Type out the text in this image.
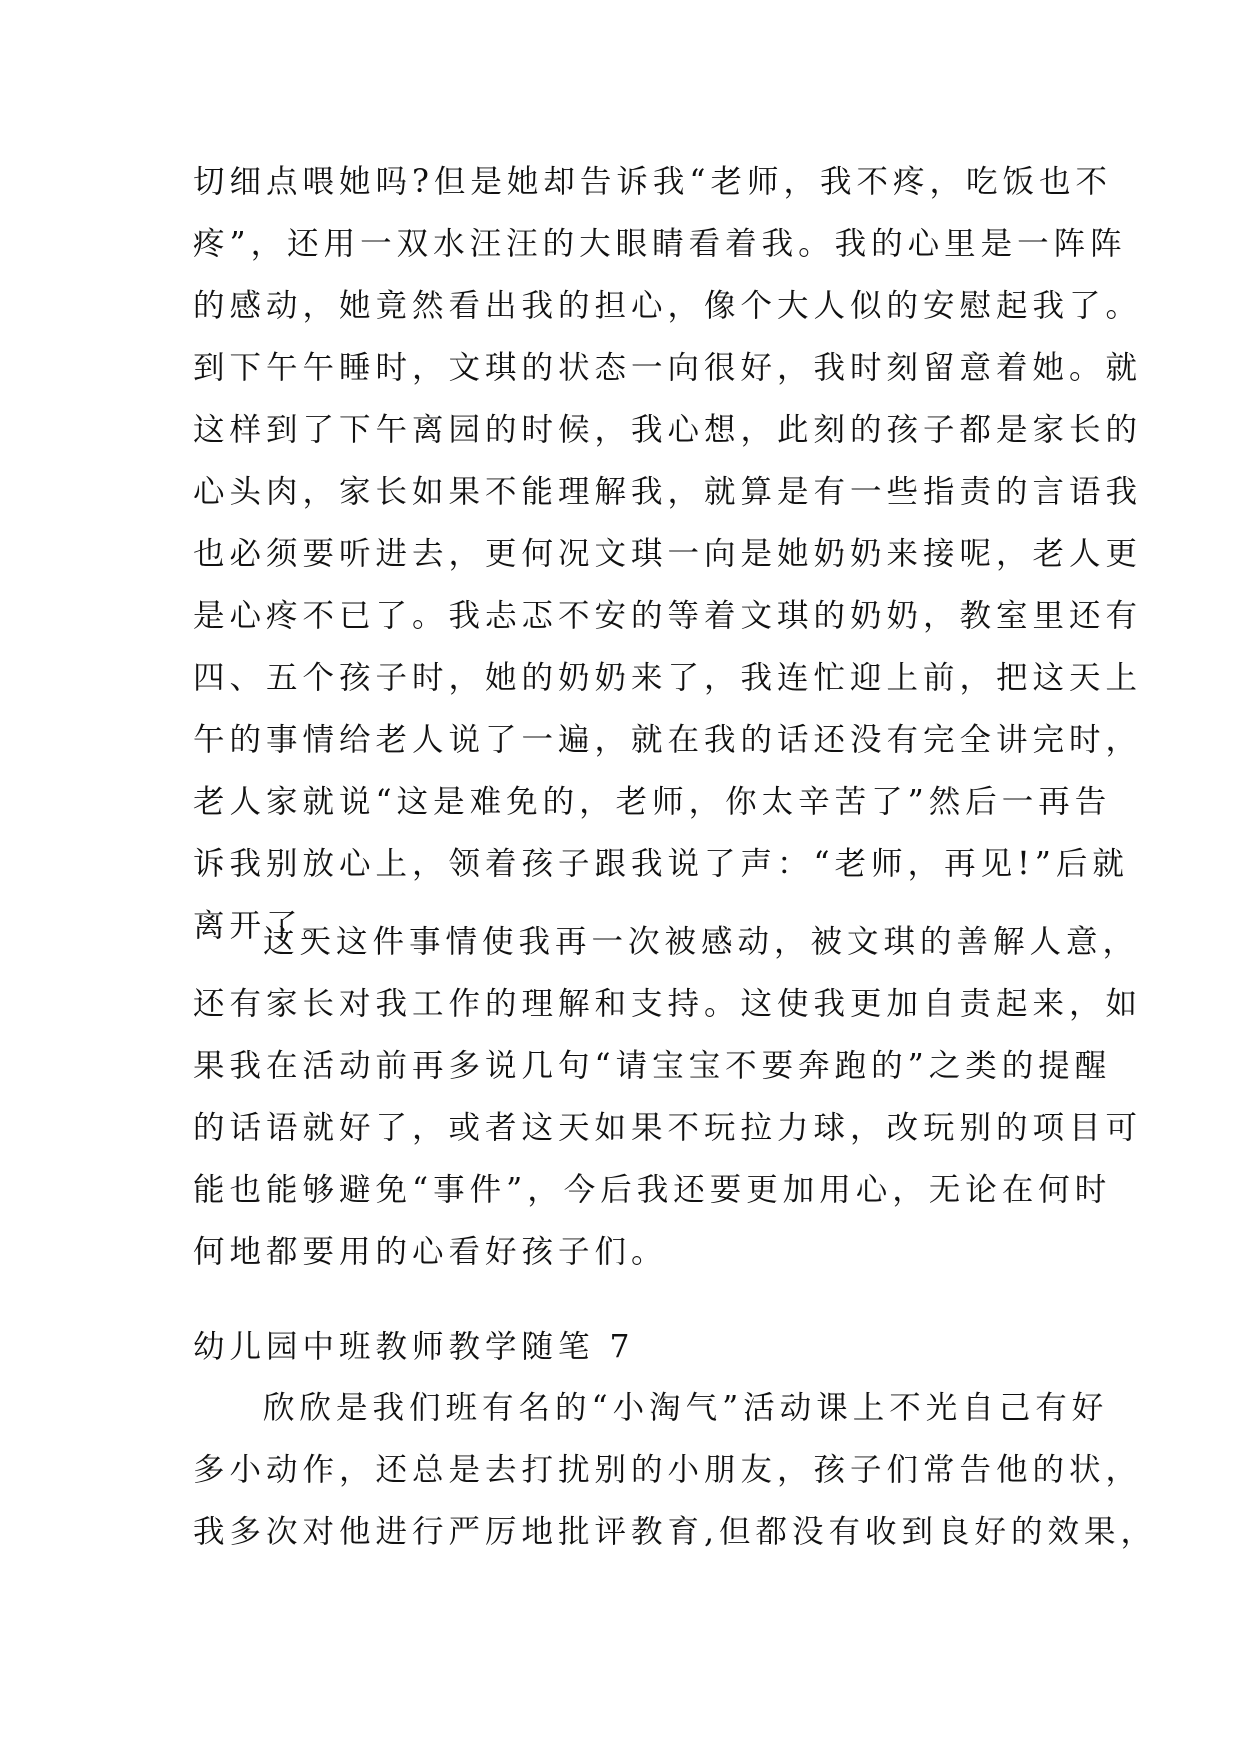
切细点喂她吗?但是她却告诉我“老师，我不疼，吃饭也不
疼”，还用一双水汪汪的大眼睛看着我。我的心里是一阵阵
的感动，她竟然看出我的担心，像个大人似的安慰起我了。
到下午午睡时，文琪的状态一向很好，我时刻留意着她。就
这样到了下午离园的时候，我心想，此刻的孩子都是家长的
心头肉，家长如果不能理解我，就算是有一些指责的言语我
也必须要听进去，更何况文琪一向是她奶奶来接呢，老人更
是心疼不已了。我忐忑不安的等着文琪的奶奶，教室里还有
四、五个孩子时，她的奶奶来了，我连忙迎上前，把这天上
午的事情给老人说了一遍，就在我的话还没有完全讲完时，
老人家就说“这是难免的，老师，你太辛苦了”然后一再告
诉我别放心上，领着孩子跟我说了声：“老师，再见!”后就
离开了。
这天这件事情使我再一次被感动，被文琪的善解人意，
还有家长对我工作的理解和支持。这使我更加自责起来，如
果我在活动前再多说几句“请宝宝不要奔跑的”之类的提醒
的话语就好了，或者这天如果不玩拉力球，改玩别的项目可
能也能够避免“事件”，今后我还要更加用心，无论在何时
何地都要用的心看好孩子们。
幼儿园中班教师教学随笔 7
欣欣是我们班有名的“小淘气”活动课上不光自己有好
多小动作，还总是去打扰别的小朋友，孩子们常告他的状，
我多次对他进行严厉地批评教育,但都没有收到良好的效果，
